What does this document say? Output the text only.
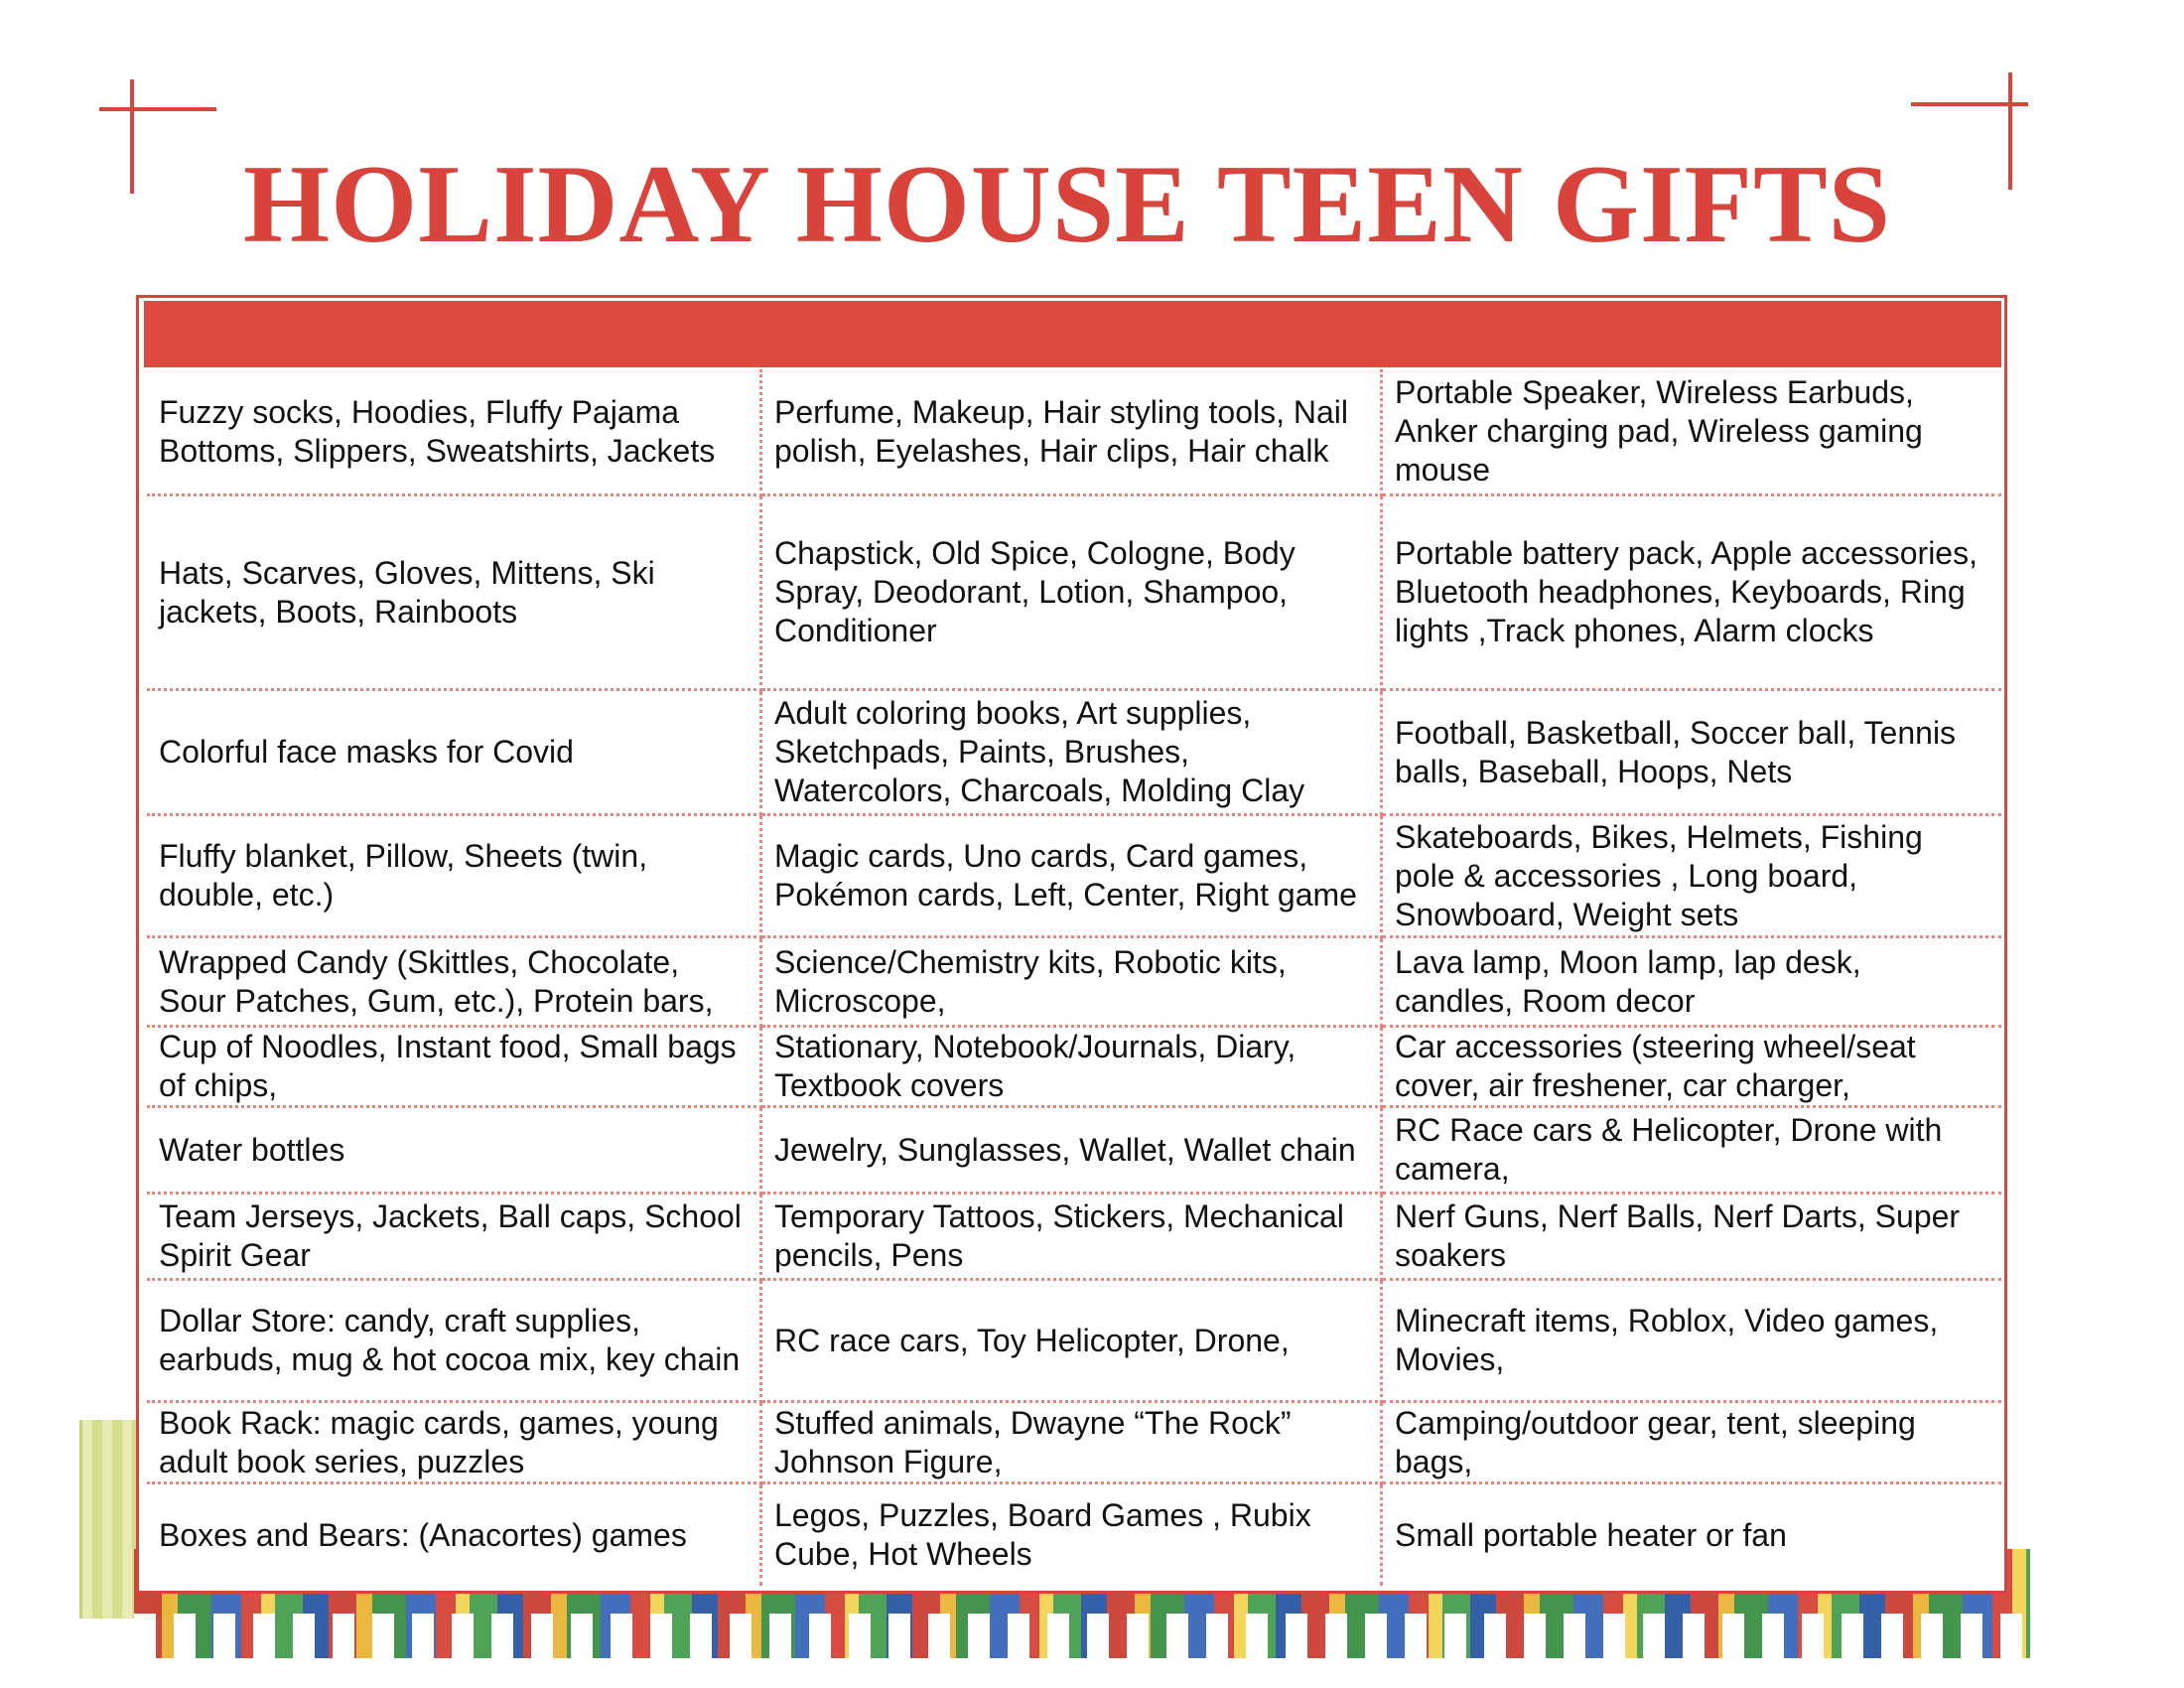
HOLIDAY HOUSE TEEN GIFTS
Fuzzy socks, Hoodies, Fluffy Pajama Bottoms, Slippers, Sweatshirts, Jackets
Perfume, Makeup, Hair styling tools, Nail polish, Eyelashes, Hair clips, Hair chalk
Portable Speaker, Wireless Earbuds, Anker charging pad, Wireless gaming mouse
Hats, Scarves, Gloves, Mittens, Ski jackets, Boots, Rainboots
Chapstick, Old Spice, Cologne, Body Spray, Deodorant, Lotion, Shampoo, Conditioner
Portable battery pack, Apple accessories, Bluetooth headphones, Keyboards, Ring lights ,Track phones, Alarm clocks
Colorful face masks for Covid
Adult coloring books, Art supplies, Sketchpads, Paints, Brushes, Watercolors, Charcoals, Molding Clay
Football, Basketball, Soccer ball, Tennis balls, Baseball, Hoops, Nets
Fluffy blanket, Pillow, Sheets (twin, double, etc.)
Magic cards, Uno cards, Card games, Pokémon cards, Left, Center, Right game
Skateboards, Bikes, Helmets, Fishing pole & accessories , Long board, Snowboard, Weight sets
Wrapped Candy (Skittles, Chocolate, Sour Patches, Gum, etc.), Protein bars,
Science/Chemistry kits, Robotic kits, Microscope,
Lava lamp, Moon lamp, lap desk, candles, Room decor
Cup of Noodles, Instant food, Small bags of chips,
Stationary, Notebook/Journals, Diary, Textbook covers
Car accessories (steering wheel/seat cover, air freshener, car charger,
Water bottles	Jewelry, Sunglasses, Wallet, Wallet chain
RC Race cars & Helicopter, Drone with camera,
Team Jerseys, Jackets, Ball caps, School Spirit Gear
Temporary Tattoos, Stickers, Mechanical pencils, Pens
Nerf Guns, Nerf Balls, Nerf Darts, Super soakers
Dollar Store: candy, craft supplies, earbuds, mug & hot cocoa mix, key chain
RC race cars, Toy Helicopter, Drone,
Minecraft items, Roblox, Video games, Movies,
Book Rack: magic cards, games, young adult book series, puzzles
Stuffed animals, Dwayne “The Rock” Johnson Figure,
Camping/outdoor gear, tent, sleeping bags,
Boxes and Bears: (Anacortes) games
Legos, Puzzles, Board Games , Rubix Cube, Hot Wheels
Small portable heater or fan
